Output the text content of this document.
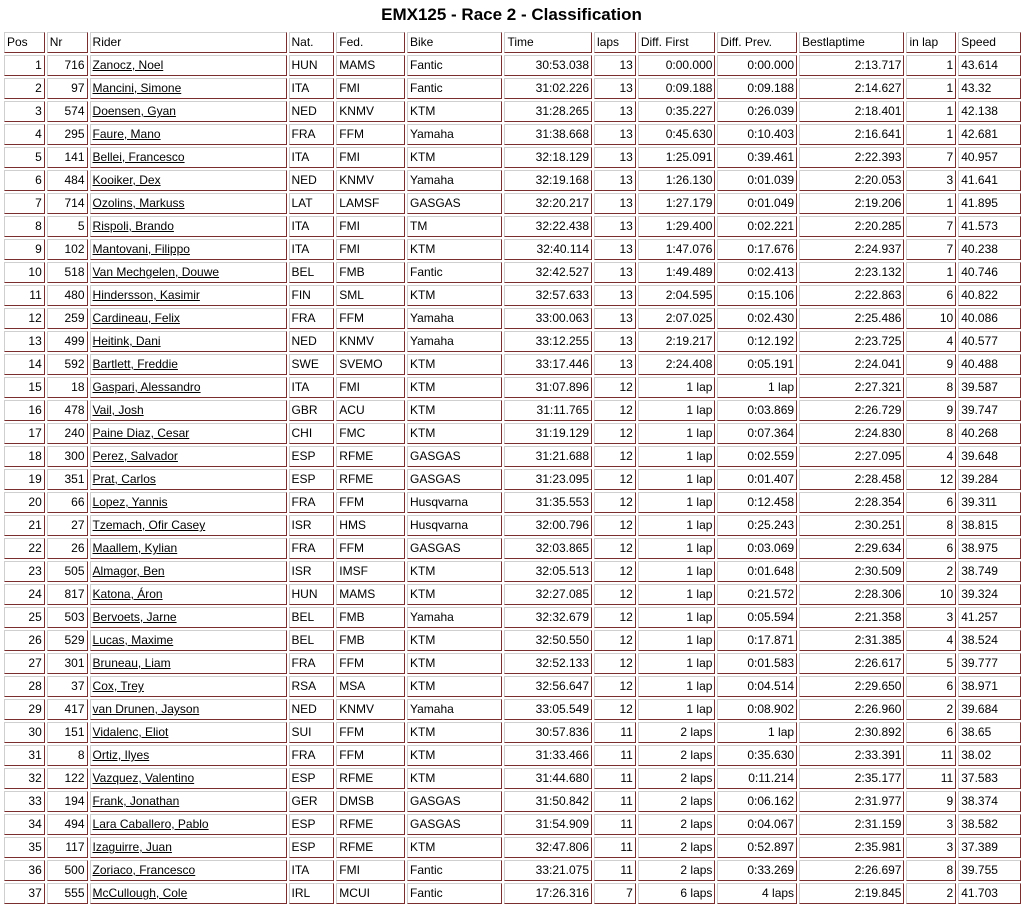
EMX125 - Race 2 - Classification
Pos	Nr	Rider	Nat.	Fed.	Bike	Time	laps	Diff. First	Diff. Prev.	Bestlaptime	in lap	Speed
1	716	Zanocz, Noel	HUN	MAMS	Fantic	30:53.038	13	0:00.000	0:00.000	2:13.717	1	43.614
2	97	Mancini, Simone	ITA	FMI	Fantic	31:02.226	13	0:09.188	0:09.188	2:14.627	1	43.32
3	574	Doensen, Gyan	NED	KNMV	KTM	31:28.265	13	0:35.227	0:26.039	2:18.401	1	42.138
4	295	Faure, Mano	FRA	FFM	Yamaha	31:38.668	13	0:45.630	0:10.403	2:16.641	1	42.681
5	141	Bellei, Francesco	ITA	FMI	KTM	32:18.129	13	1:25.091	0:39.461	2:22.393	7	40.957
6	484	Kooiker, Dex	NED	KNMV	Yamaha	32:19.168	13	1:26.130	0:01.039	2:20.053	3	41.641
7	714	Ozolins, Markuss	LAT	LAMSF	GASGAS	32:20.217	13	1:27.179	0:01.049	2:19.206	1	41.895
8	5	Rispoli, Brando	ITA	FMI	TM	32:22.438	13	1:29.400	0:02.221	2:20.285	7	41.573
9	102	Mantovani, Filippo	ITA	FMI	KTM	32:40.114	13	1:47.076	0:17.676	2:24.937	7	40.238
10	518	Van Mechgelen, Douwe	BEL	FMB	Fantic	32:42.527	13	1:49.489	0:02.413	2:23.132	1	40.746
11	480	Hindersson, Kasimir	FIN	SML	KTM	32:57.633	13	2:04.595	0:15.106	2:22.863	6	40.822
12	259	Cardineau, Felix	FRA	FFM	Yamaha	33:00.063	13	2:07.025	0:02.430	2:25.486	10	40.086
13	499	Heitink, Dani	NED	KNMV	Yamaha	33:12.255	13	2:19.217	0:12.192	2:23.725	4	40.577
14	592	Bartlett, Freddie	SWE	SVEMO	KTM	33:17.446	13	2:24.408	0:05.191	2:24.041	9	40.488
15	18	Gaspari, Alessandro	ITA	FMI	KTM	31:07.896	12	1 lap	1 lap	2:27.321	8	39.587
16	478	Vail, Josh	GBR	ACU	KTM	31:11.765	12	1 lap	0:03.869	2:26.729	9	39.747
17	240	Paine Diaz, Cesar	CHI	FMC	KTM	31:19.129	12	1 lap	0:07.364	2:24.830	8	40.268
18	300	Perez, Salvador	ESP	RFME	GASGAS	31:21.688	12	1 lap	0:02.559	2:27.095	4	39.648
19	351	Prat, Carlos	ESP	RFME	GASGAS	31:23.095	12	1 lap	0:01.407	2:28.458	12	39.284
20	66	Lopez, Yannis	FRA	FFM	Husqvarna	31:35.553	12	1 lap	0:12.458	2:28.354	6	39.311
21	27	Tzemach, Ofir Casey	ISR	HMS	Husqvarna	32:00.796	12	1 lap	0:25.243	2:30.251	8	38.815
22	26	Maallem, Kylian	FRA	FFM	GASGAS	32:03.865	12	1 lap	0:03.069	2:29.634	6	38.975
23	505	Almagor, Ben	ISR	IMSF	KTM	32:05.513	12	1 lap	0:01.648	2:30.509	2	38.749
24	817	Katona, Áron	HUN	MAMS	KTM	32:27.085	12	1 lap	0:21.572	2:28.306	10	39.324
25	503	Bervoets, Jarne	BEL	FMB	Yamaha	32:32.679	12	1 lap	0:05.594	2:21.358	3	41.257
26	529	Lucas, Maxime	BEL	FMB	KTM	32:50.550	12	1 lap	0:17.871	2:31.385	4	38.524
27	301	Bruneau, Liam	FRA	FFM	KTM	32:52.133	12	1 lap	0:01.583	2:26.617	5	39.777
28	37	Cox, Trey	RSA	MSA	KTM	32:56.647	12	1 lap	0:04.514	2:29.650	6	38.971
29	417	van Drunen, Jayson	NED	KNMV	Yamaha	33:05.549	12	1 lap	0:08.902	2:26.960	2	39.684
30	151	Vidalenc, Eliot	SUI	FFM	KTM	30:57.836	11	2 laps	1 lap	2:30.892	6	38.65
31	8	Ortiz, Ilyes	FRA	FFM	KTM	31:33.466	11	2 laps	0:35.630	2:33.391	11	38.02
32	122	Vazquez, Valentino	ESP	RFME	KTM	31:44.680	11	2 laps	0:11.214	2:35.177	11	37.583
33	194	Frank, Jonathan	GER	DMSB	GASGAS	31:50.842	11	2 laps	0:06.162	2:31.977	9	38.374
34	494	Lara Caballero, Pablo	ESP	RFME	GASGAS	31:54.909	11	2 laps	0:04.067	2:31.159	3	38.582
35	117	Izaguirre, Juan	ESP	RFME	KTM	32:47.806	11	2 laps	0:52.897	2:35.981	3	37.389
36	500	Zoriaco, Francesco	ITA	FMI	Fantic	33:21.075	11	2 laps	0:33.269	2:26.697	8	39.755
37	555	McCullough, Cole	IRL	MCUI	Fantic	17:26.316	7	6 laps	4 laps	2:19.845	2	41.703
